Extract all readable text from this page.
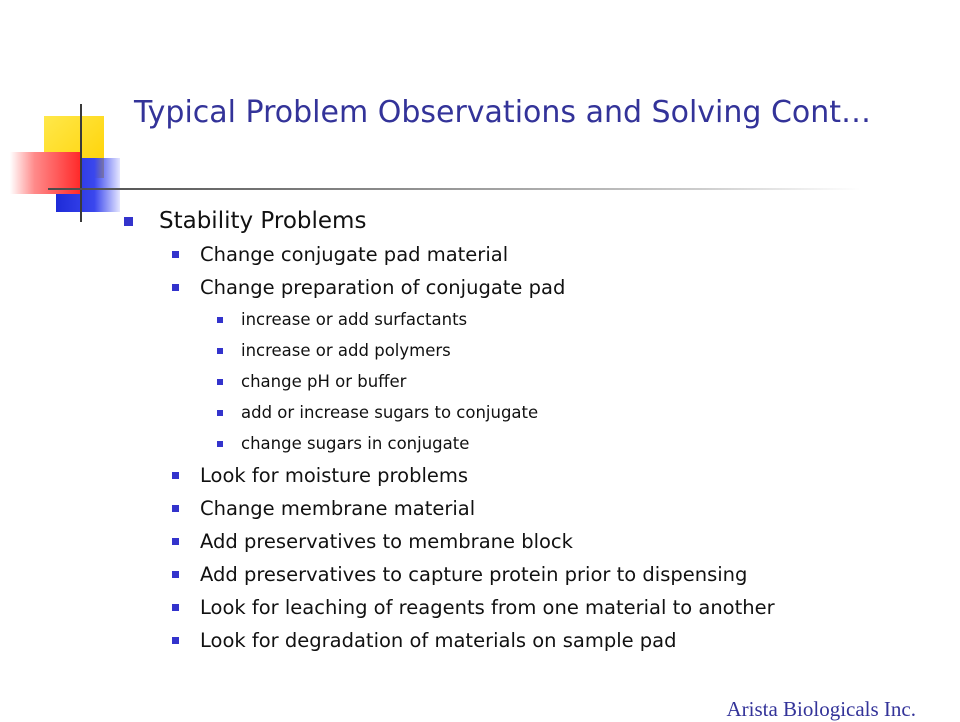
Typical Problem Observations and Solving Cont…
Stability Problems
Change conjugate pad material
Change preparation of conjugate pad
increase or add surfactants
increase or add polymers
change pH or buffer
add or increase sugars to conjugate
change sugars in conjugate
Look for moisture problems
Change membrane material
Add preservatives to membrane block
Add preservatives to capture protein prior to dispensing
Look for leaching of reagents from one material to another
Look for degradation of materials on sample pad
Arista Biologicals Inc.
